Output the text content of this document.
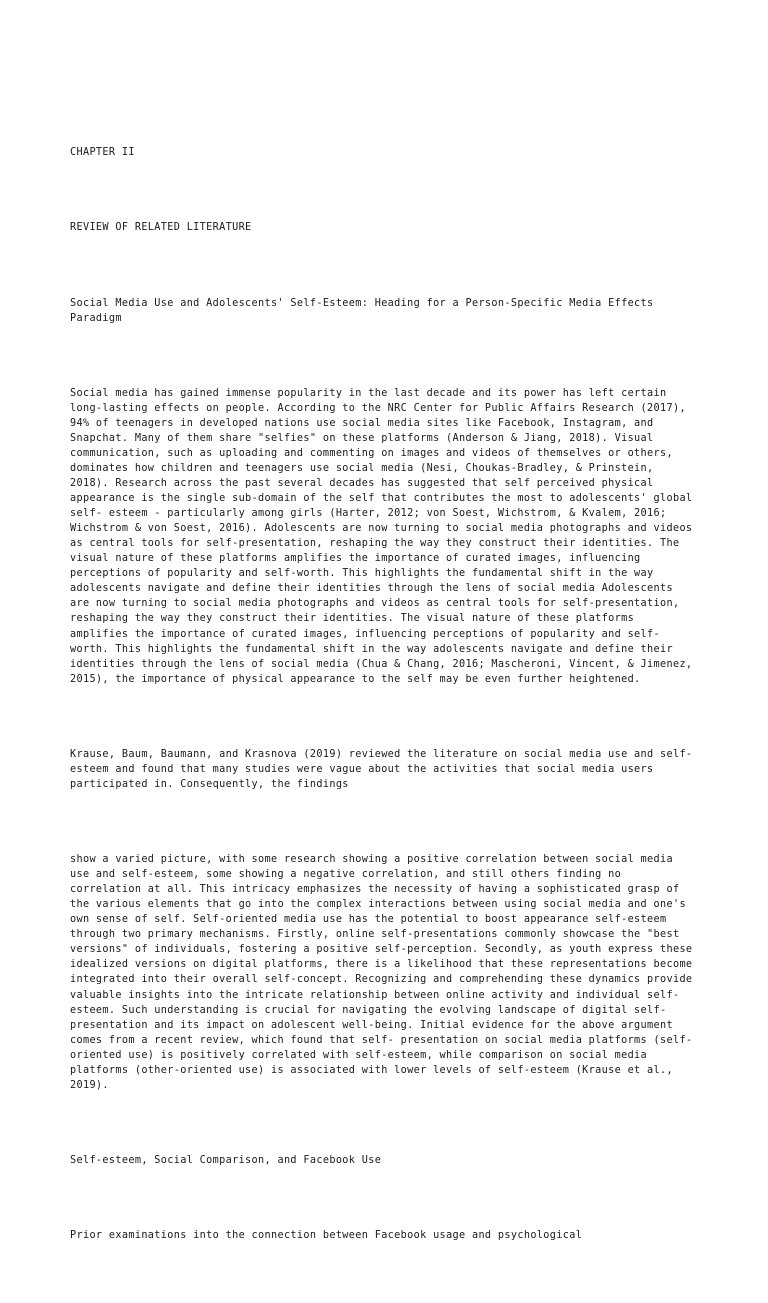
CHAPTER II

REVIEW OF RELATED LITERATURE

Social Media Use and Adolescents' Self-Esteem: Heading for a Person-Specific Media Effects Paradigm

Social media has gained immense popularity in the last decade and its power has left certain long-lasting effects on people. According to the NRC Center for Public Affairs Research (2017), 94% of teenagers in developed nations use social media sites like Facebook, Instagram, and Snapchat. Many of them share "selfies" on these platforms (Anderson & Jiang, 2018). Visual communication, such as uploading and commenting on images and videos of themselves or others, dominates how children and teenagers use social media (Nesi, Choukas-Bradley, & Prinstein, 2018). Research across the past several decades has suggested that self perceived physical appearance is the single sub-domain of the self that contributes the most to adolescents' global self- esteem - particularly among girls (Harter, 2012; von Soest, Wichstrom, & Kvalem, 2016; Wichstrom & von Soest, 2016). Adolescents are now turning to social media photographs and videos as central tools for self-presentation, reshaping the way they construct their identities. The visual nature of these platforms amplifies the importance of curated images, influencing perceptions of popularity and self-worth. This highlights the fundamental shift in the way adolescents navigate and define their identities through the lens of social media Adolescents are now turning to social media photographs and videos as central tools for self-presentation, reshaping the way they construct their identities. The visual nature of these platforms amplifies the importance of curated images, influencing perceptions of popularity and self-worth. This highlights the fundamental shift in the way adolescents navigate and define their identities through the lens of social media (Chua & Chang, 2016; Mascheroni, Vincent, & Jimenez, 2015), the importance of physical appearance to the self may be even further heightened.

Krause, Baum, Baumann, and Krasnova (2019) reviewed the literature on social media use and self-esteem and found that many studies were vague about the activities that social media users participated in. Consequently, the findings

show a varied picture, with some research showing a positive correlation between social media use and self-esteem, some showing a negative correlation, and still others finding no correlation at all. This intricacy emphasizes the necessity of having a sophisticated grasp of the various elements that go into the complex interactions between using social media and one's own sense of self. Self-oriented media use has the potential to boost appearance self-esteem through two primary mechanisms. Firstly, online self-presentations commonly showcase the "best versions" of individuals, fostering a positive self-perception. Secondly, as youth express these idealized versions on digital platforms, there is a likelihood that these representations become integrated into their overall self-concept. Recognizing and comprehending these dynamics provide valuable insights into the intricate relationship between online activity and individual self- esteem. Such understanding is crucial for navigating the evolving landscape of digital self-presentation and its impact on adolescent well-being. Initial evidence for the above argument comes from a recent review, which found that self- presentation on social media platforms (self-oriented use) is positively correlated with self-esteem, while comparison on social media platforms (other-oriented use) is associated with lower levels of self-esteem (Krause et al., 2019).

Self-esteem, Social Comparison, and Facebook Use

Prior examinations into the connection between Facebook usage and psychological
